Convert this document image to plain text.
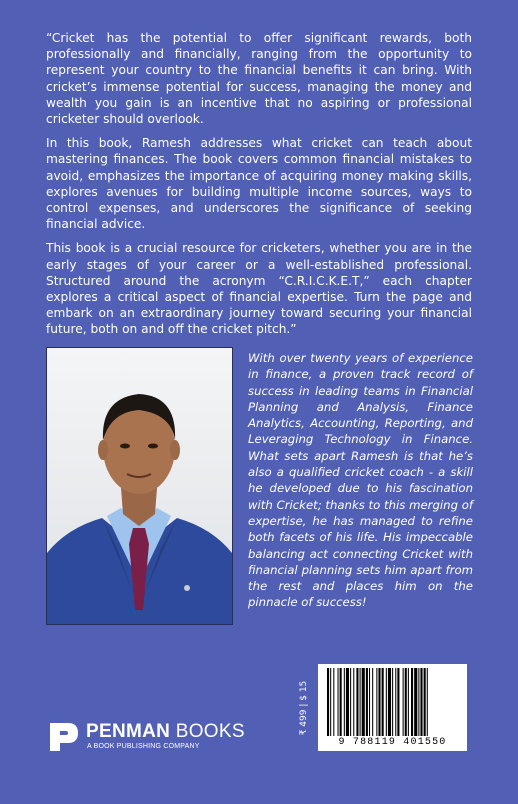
“Cricket has the potential to offer significant rewards, both professionally and financially, ranging from the opportunity to represent your country to the financial benefits it can bring. With cricket’s immense potential for success, managing the money and wealth you gain is an incentive that no aspiring or professional cricketer should overlook.

In this book, Ramesh addresses what cricket can teach about mastering finances. The book covers common financial mistakes to avoid, emphasizes the importance of acquiring money making skills, explores avenues for building multiple income sources, ways to control expenses, and underscores the significance of seeking financial advice.

This book is a crucial resource for cricketers, whether you are in the early stages of your career or a well-established professional. Structured around the acronym “C.R.I.C.K.E.T,” each chapter explores a critical aspect of financial expertise. Turn the page and embark on an extraordinary journey toward securing your financial future, both on and off the cricket pitch.”

With over twenty years of experience in finance, a proven track record of success in leading teams in Financial Planning and Analysis, Finance Analytics, Accounting, Reporting, and Leveraging Technology in Finance. What sets apart Ramesh is that he’s also a qualified cricket coach - a skill he developed due to his fascination with Cricket; thanks to this merging of expertise, he has managed to refine both facets of his life. His impeccable balancing act connecting Cricket with financial planning sets him apart from the rest and places him on the pinnacle of success!

PENMAN BOOKS
A BOOK PUBLISHING COMPANY
₹ 499 | $ 15
9 788119 401550
